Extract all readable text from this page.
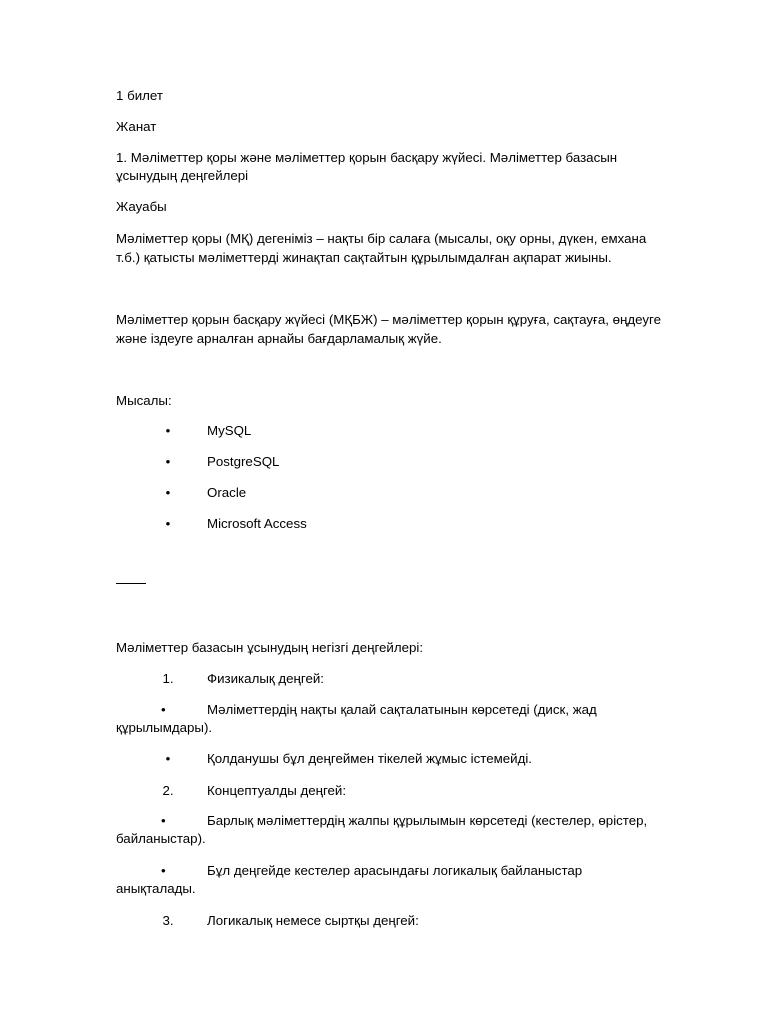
1 билет

Жанат

1. Мәліметтер қоры және мәліметтер қорын басқару жүйесі. Мәліметтер базасын ұсынудың деңгейлері

Жауабы

Мәліметтер қоры (МҚ) дегеніміз – нақты бір салаға (мысалы, оқу орны, дүкен, емхана т.б.) қатысты мәліметтерді жинақтап сақтайтын құрылымдалған ақпарат жиыны.

Мәліметтер қорын басқару жүйесі (МҚБЖ) – мәліметтер қорын құруға, сақтауға, өңдеуге және іздеуге арналған арнайы бағдарламалық жүйе.

Мысалы:

•	MySQL
•	PostgreSQL
•	Oracle
•	Microsoft Access

Мәліметтер базасын ұсынудың негізгі деңгейлері:

1.	Физикалық деңгей:

•	Мәліметтердің нақты қалай сақталатынын көрсетеді (диск, жад құрылымдары).

•	Қолданушы бұл деңгеймен тікелей жұмыс істемейді.
2.	Концептуалды деңгей:

•	Барлық мәліметтердің жалпы құрылымын көрсетеді (кестелер, өрістер, байланыстар).

•	Бұл деңгейде кестелер арасындағы логикалық байланыстар анықталады.

3.	Логикалық немесе сыртқы деңгей:
